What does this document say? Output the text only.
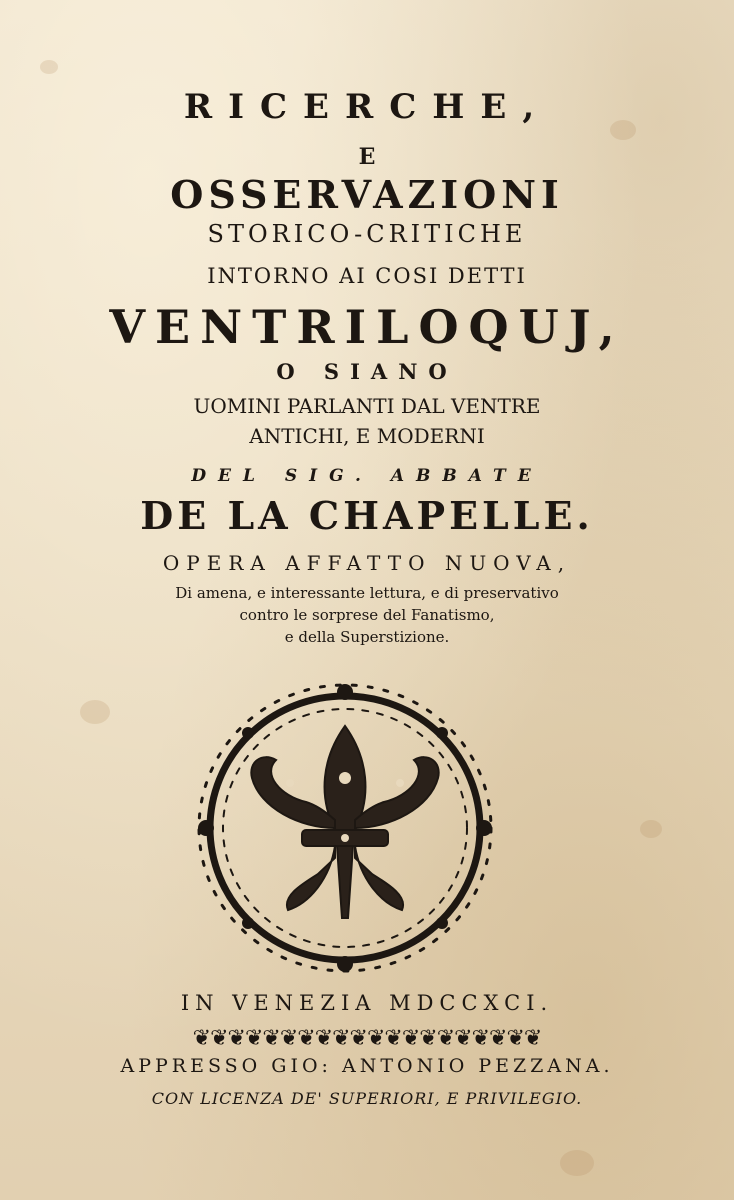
RICERCHE,
E
OSSERVAZIONI
STORICO-CRITICHE
INTORNO AI COSI DETTI
VENTRILOQUJ,
O SIANO
UOMINI PARLANTI DAL VENTRE
ANTICHI, E MODERNI
DEL SIG. ABBATE
DE LA CHAPELLE.
OPERA AFFATTO NUOVA,
Di amena, e interessante lettura, e di preservativo
contro le sorprese del Fanatismo,
e della Superstizione.
IN VENEZIA MDCCXCI.
❦❦❦❦❦❦❦❦❦❦❦❦❦❦❦❦❦❦❦❦
APPRESSO GIO: ANTONIO PEZZANA.
CON LICENZA DE' SUPERIORI, E PRIVILEGIO.
